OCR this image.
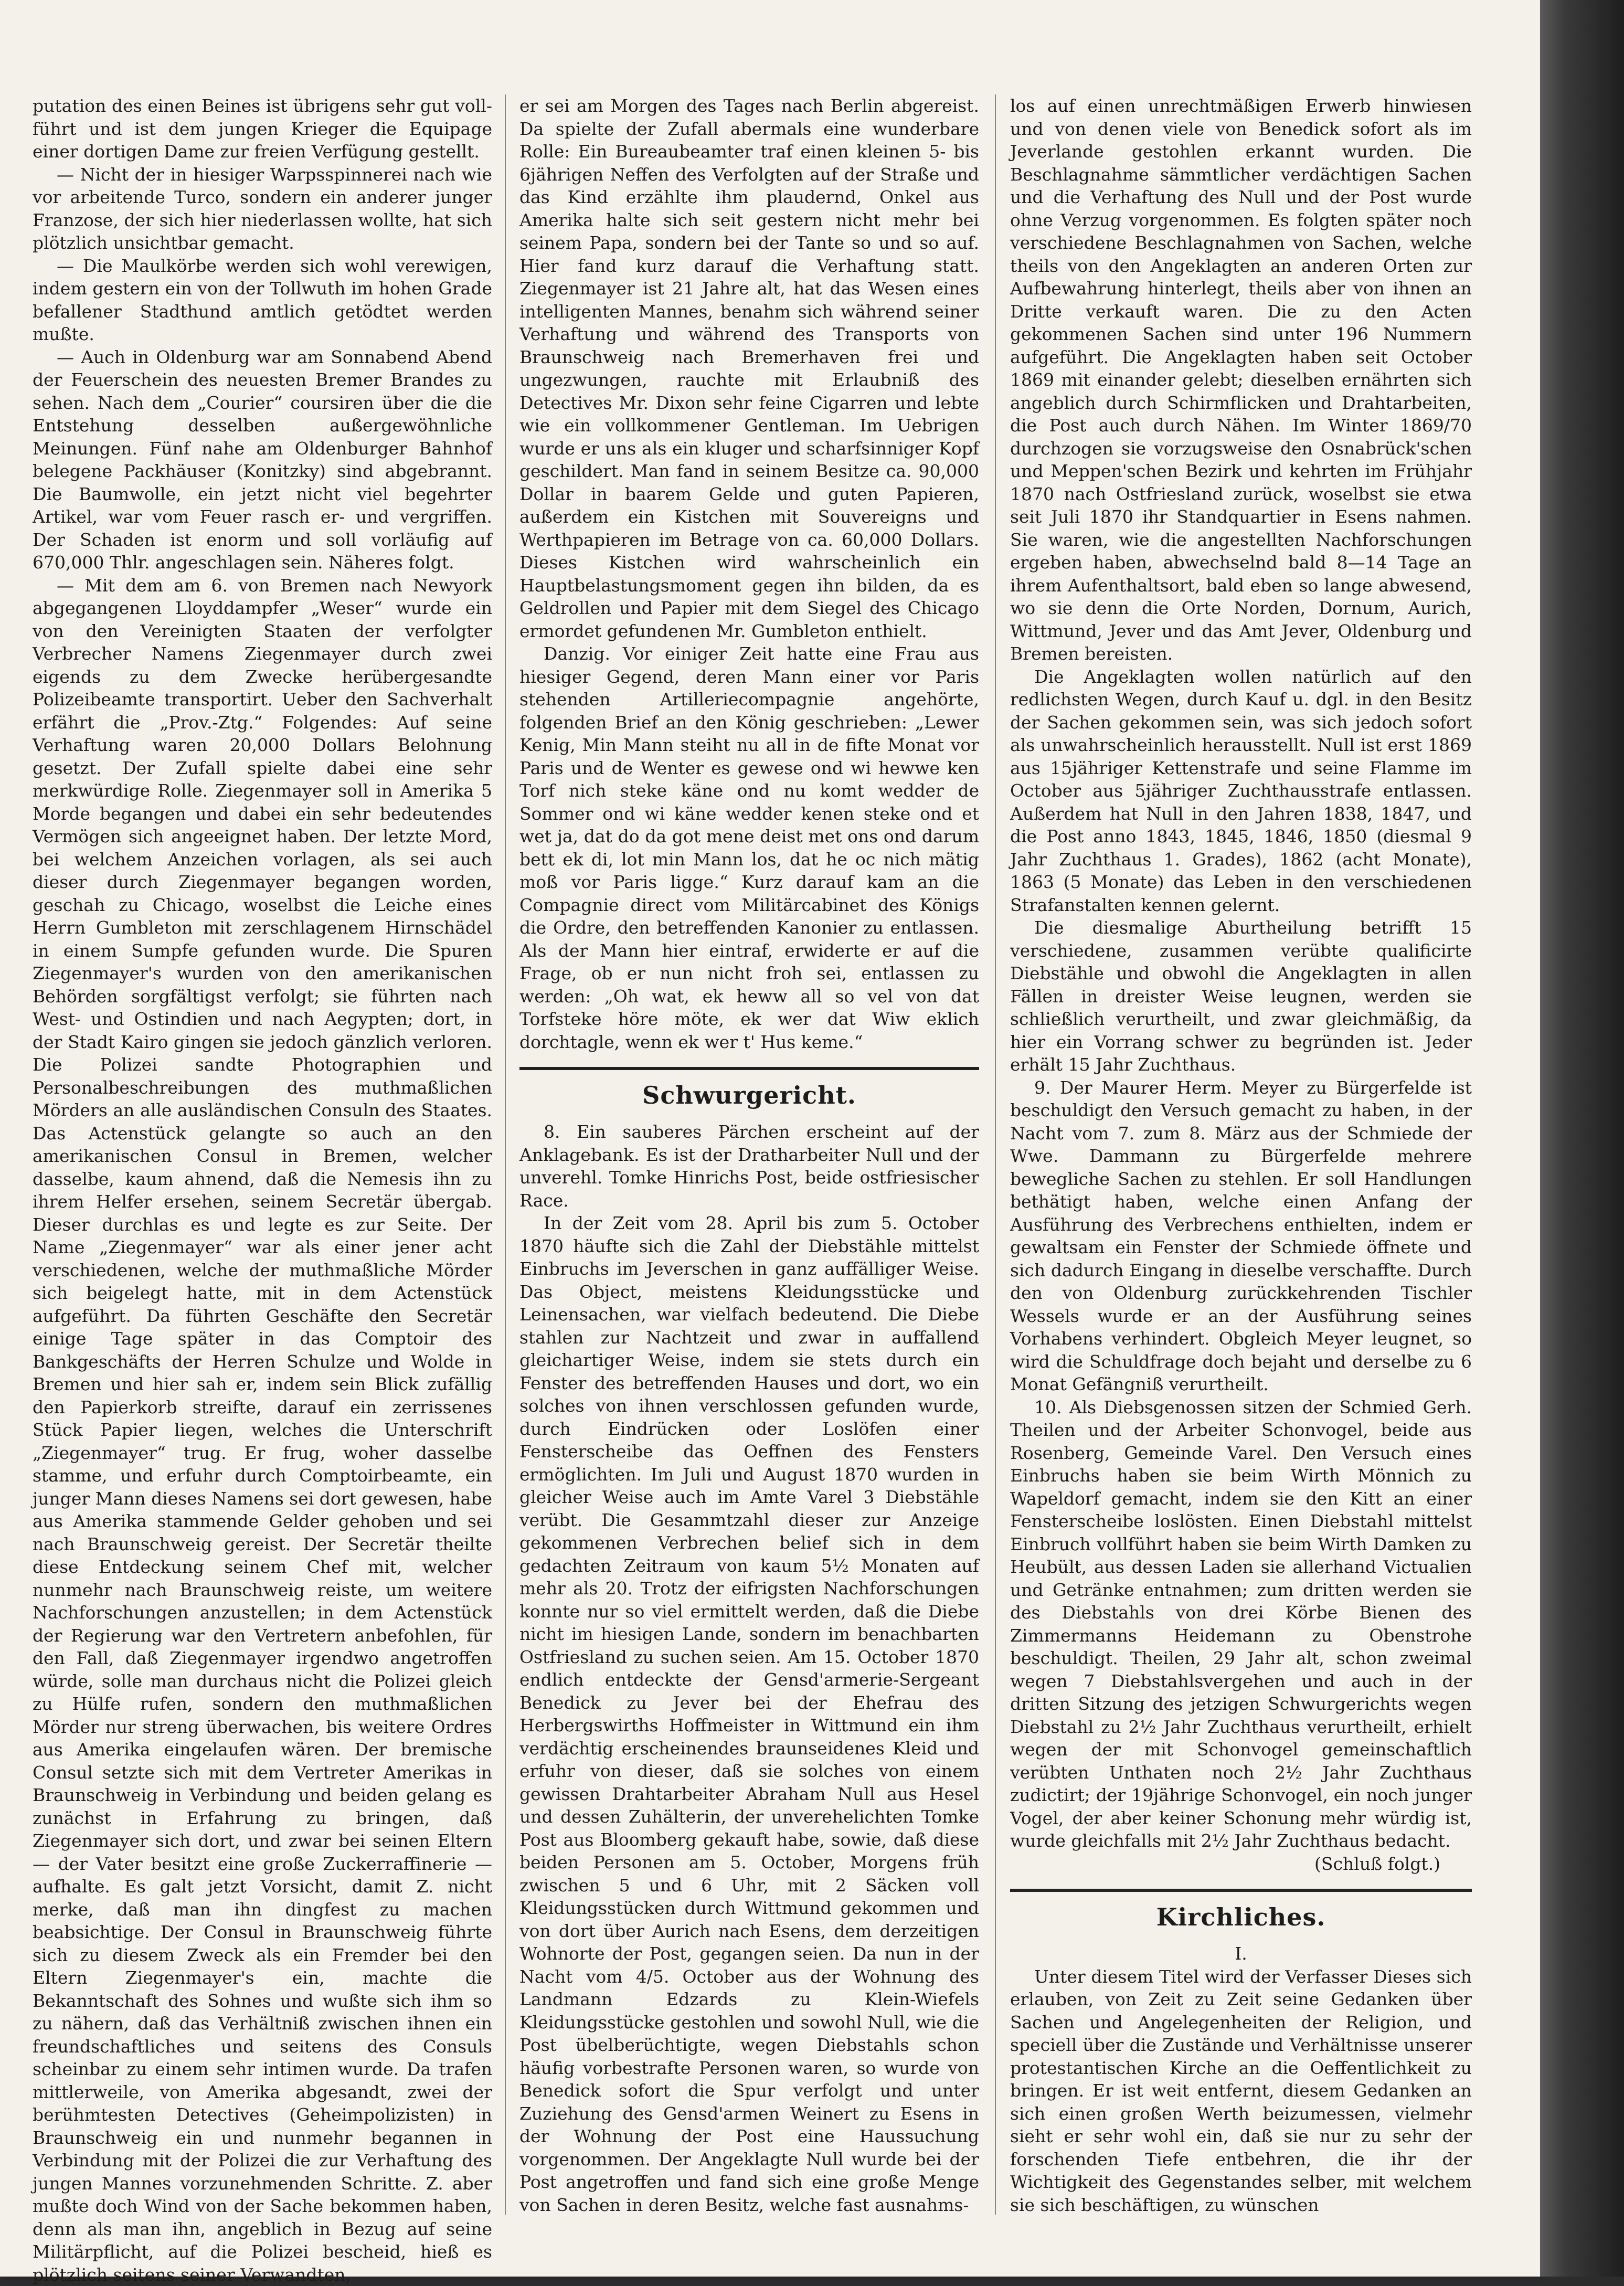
putation des einen Beines ist übrigens sehr gut voll-führt und ist dem jungen Krieger die Equipage einer dortigen Dame zur freien Verfügung gestellt.

— Nicht der in hiesiger Warpsspinnerei nach wie vor arbeitende Turco, sondern ein anderer junger Franzose, der sich hier niederlassen wollte, hat sich plötzlich unsichtbar gemacht.

— Die Maulkörbe werden sich wohl verewigen, indem gestern ein von der Tollwuth im hohen Grade befallener Stadthund amtlich getödtet werden mußte.

— Auch in Oldenburg war am Sonnabend Abend der Feuerschein des neuesten Bremer Brandes zu sehen. Nach dem „Courier“ coursiren über die die Entstehung desselben außergewöhnliche Meinungen. Fünf nahe am Oldenburger Bahnhof belegene Packhäuser (Konitzky) sind abgebrannt. Die Baumwolle, ein jetzt nicht viel begehrter Artikel, war vom Feuer rasch er- und vergriffen. Der Schaden ist enorm und soll vorläufig auf 670,000 Thlr. angeschlagen sein. Näheres folgt.

— Mit dem am 6. von Bremen nach Newyork abgegangenen Lloyddampfer „Weser“ wurde ein von den Vereinigten Staaten der verfolgter Verbrecher Namens Ziegenmayer durch zwei eigends zu dem Zwecke herübergesandte Polizeibeamte transportirt. Ueber den Sachverhalt erfährt die „Prov.-Ztg.“ Folgendes: Auf seine Verhaftung waren 20,000 Dollars Belohnung gesetzt. Der Zufall spielte dabei eine sehr merkwürdige Rolle. Ziegenmayer soll in Amerika 5 Morde begangen und dabei ein sehr bedeutendes Vermögen sich angeeignet haben. Der letzte Mord, bei welchem Anzeichen vorlagen, als sei auch dieser durch Ziegenmayer begangen worden, geschah zu Chicago, woselbst die Leiche eines Herrn Gumbleton mit zerschlagenem Hirnschädel in einem Sumpfe gefunden wurde. Die Spuren Ziegenmayer's wurden von den amerikanischen Behörden sorgfältigst verfolgt; sie führten nach West- und Ostindien und nach Aegypten; dort, in der Stadt Kairo gingen sie jedoch gänzlich verloren. Die Polizei sandte Photographien und Personalbeschreibungen des muthmaßlichen Mörders an alle ausländischen Consuln des Staates. Das Actenstück gelangte so auch an den amerikanischen Consul in Bremen, welcher dasselbe, kaum ahnend, daß die Nemesis ihn zu ihrem Helfer ersehen, seinem Secretär übergab. Dieser durchlas es und legte es zur Seite. Der Name „Ziegenmayer“ war als einer jener acht verschiedenen, welche der muthmaßliche Mörder sich beigelegt hatte, mit in dem Actenstück aufgeführt. Da führten Geschäfte den Secretär einige Tage später in das Comptoir des Bankgeschäfts der Herren Schulze und Wolde in Bremen und hier sah er, indem sein Blick zufällig den Papierkorb streifte, darauf ein zerrissenes Stück Papier liegen, welches die Unterschrift „Ziegenmayer“ trug. Er frug, woher dasselbe stamme, und erfuhr durch Comptoirbeamte, ein junger Mann dieses Namens sei dort gewesen, habe aus Amerika stammende Gelder gehoben und sei nach Braunschweig gereist. Der Secretär theilte diese Entdeckung seinem Chef mit, welcher nunmehr nach Braunschweig reiste, um weitere Nachforschungen anzustellen; in dem Actenstück der Regierung war den Vertretern anbefohlen, für den Fall, daß Ziegenmayer irgendwo angetroffen würde, solle man durchaus nicht die Polizei gleich zu Hülfe rufen, sondern den muthmaßlichen Mörder nur streng überwachen, bis weitere Ordres aus Amerika eingelaufen wären. Der bremische Consul setzte sich mit dem Vertreter Amerikas in Braunschweig in Verbindung und beiden gelang es zunächst in Erfahrung zu bringen, daß Ziegenmayer sich dort, und zwar bei seinen Eltern — der Vater besitzt eine große Zuckerraffinerie — aufhalte. Es galt jetzt Vorsicht, damit Z. nicht merke, daß man ihn dingfest zu machen beabsichtige. Der Consul in Braunschweig führte sich zu diesem Zweck als ein Fremder bei den Eltern Ziegenmayer's ein, machte die Bekanntschaft des Sohnes und wußte sich ihm so zu nähern, daß das Verhältniß zwischen ihnen ein freundschaftliches und seitens des Consuls scheinbar zu einem sehr intimen wurde. Da trafen mittlerweile, von Amerika abgesandt, zwei der berühmtesten Detectives (Geheimpolizisten) in Braunschweig ein und nunmehr begannen in Verbindung mit der Polizei die zur Verhaftung des jungen Mannes vorzunehmenden Schritte. Z. aber mußte doch Wind von der Sache bekommen haben, denn als man ihn, angeblich in Bezug auf seine Militärpflicht, auf die Polizei bescheid, hieß es plötzlich seitens seiner Verwandten,

er sei am Morgen des Tages nach Berlin abgereist. Da spielte der Zufall abermals eine wunderbare Rolle: Ein Bureaubeamter traf einen kleinen 5- bis 6jährigen Neffen des Verfolgten auf der Straße und das Kind erzählte ihm plaudernd, Onkel aus Amerika halte sich seit gestern nicht mehr bei seinem Papa, sondern bei der Tante so und so auf. Hier fand kurz darauf die Verhaftung statt. Ziegenmayer ist 21 Jahre alt, hat das Wesen eines intelligenten Mannes, benahm sich während seiner Verhaftung und während des Transports von Braunschweig nach Bremerhaven frei und ungezwungen, rauchte mit Erlaubniß des Detectives Mr. Dixon sehr feine Cigarren und lebte wie ein vollkommener Gentleman. Im Uebrigen wurde er uns als ein kluger und scharfsinniger Kopf geschildert. Man fand in seinem Besitze ca. 90,000 Dollar in baarem Gelde und guten Papieren, außerdem ein Kistchen mit Souvereigns und Werthpapieren im Betrage von ca. 60,000 Dollars. Dieses Kistchen wird wahrscheinlich ein Hauptbelastungsmoment gegen ihn bilden, da es Geldrollen und Papier mit dem Siegel des Chicago ermordet gefundenen Mr. Gumbleton enthielt.

Danzig. Vor einiger Zeit hatte eine Frau aus hiesiger Gegend, deren Mann einer vor Paris stehenden Artilleriecompagnie angehörte, folgenden Brief an den König geschrieben: „Lewer Kenig, Min Mann steiht nu all in de fifte Monat vor Paris und de Wenter es gewese ond wi hewwe ken Torf nich steke käne ond nu komt wedder de Sommer ond wi käne wedder kenen steke ond et wet ja, dat do da got mene deist met ons ond darum bett ek di, lot min Mann los, dat he oc nich mätig moß vor Paris ligge.“ Kurz darauf kam an die Compagnie direct vom Militärcabinet des Königs die Ordre, den betreffenden Kanonier zu entlassen. Als der Mann hier eintraf, erwiderte er auf die Frage, ob er nun nicht froh sei, entlassen zu werden: „Oh wat, ek heww all so vel von dat Torfsteke höre möte, ek wer dat Wiw eklich dorchtagle, wenn ek wer t' Hus keme.“

Schwurgericht.

8. Ein sauberes Pärchen erscheint auf der Anklagebank. Es ist der Dratharbeiter Null und der unverehl. Tomke Hinrichs Post, beide ostfriesischer Race.

In der Zeit vom 28. April bis zum 5. October 1870 häufte sich die Zahl der Diebstähle mittelst Einbruchs im Jeverschen in ganz auffälliger Weise. Das Object, meistens Kleidungsstücke und Leinensachen, war vielfach bedeutend. Die Diebe stahlen zur Nachtzeit und zwar in auffallend gleichartiger Weise, indem sie stets durch ein Fenster des betreffenden Hauses und dort, wo ein solches von ihnen verschlossen gefunden wurde, durch Eindrücken oder Loslöfen einer Fensterscheibe das Oeffnen des Fensters ermöglichten. Im Juli und August 1870 wurden in gleicher Weise auch im Amte Varel 3 Diebstähle verübt. Die Gesammtzahl dieser zur Anzeige gekommenen Verbrechen belief sich in dem gedachten Zeitraum von kaum 5½ Monaten auf mehr als 20. Trotz der eifrigsten Nachforschungen konnte nur so viel ermittelt werden, daß die Diebe nicht im hiesigen Lande, sondern im benachbarten Ostfriesland zu suchen seien. Am 15. October 1870 endlich entdeckte der Gensd'armerie-Sergeant Benedick zu Jever bei der Ehefrau des Herbergswirths Hoffmeister in Wittmund ein ihm verdächtig erscheinendes braunseidenes Kleid und erfuhr von dieser, daß sie solches von einem gewissen Drahtarbeiter Abraham Null aus Hesel und dessen Zuhälterin, der unverehelichten Tomke Post aus Bloomberg gekauft habe, sowie, daß diese beiden Personen am 5. October, Morgens früh zwischen 5 und 6 Uhr, mit 2 Säcken voll Kleidungsstücken durch Wittmund gekommen und von dort über Aurich nach Esens, dem derzeitigen Wohnorte der Post, gegangen seien. Da nun in der Nacht vom 4/5. October aus der Wohnung des Landmann Edzards zu Klein-Wiefels Kleidungsstücke gestohlen und sowohl Null, wie die Post übelberüchtigte, wegen Diebstahls schon häufig vorbestrafte Personen waren, so wurde von Benedick sofort die Spur verfolgt und unter Zuziehung des Gensd'armen Weinert zu Esens in der Wohnung der Post eine Haussuchung vorgenommen. Der Angeklagte Null wurde bei der Post angetroffen und fand sich eine große Menge von Sachen in deren Besitz, welche fast ausnahms-

los auf einen unrechtmäßigen Erwerb hinwiesen und von denen viele von Benedick sofort als im Jeverlande gestohlen erkannt wurden. Die Beschlagnahme sämmtlicher verdächtigen Sachen und die Verhaftung des Null und der Post wurde ohne Verzug vorgenommen. Es folgten später noch verschiedene Beschlagnahmen von Sachen, welche theils von den Angeklagten an anderen Orten zur Aufbewahrung hinterlegt, theils aber von ihnen an Dritte verkauft waren. Die zu den Acten gekommenen Sachen sind unter 196 Nummern aufgeführt. Die Angeklagten haben seit October 1869 mit einander gelebt; dieselben ernährten sich angeblich durch Schirmflicken und Drahtarbeiten, die Post auch durch Nähen. Im Winter 1869/70 durchzogen sie vorzugsweise den Osnabrück'schen und Meppen'schen Bezirk und kehrten im Frühjahr 1870 nach Ostfriesland zurück, woselbst sie etwa seit Juli 1870 ihr Standquartier in Esens nahmen. Sie waren, wie die angestellten Nachforschungen ergeben haben, abwechselnd bald 8—14 Tage an ihrem Aufenthaltsort, bald eben so lange abwesend, wo sie denn die Orte Norden, Dornum, Aurich, Wittmund, Jever und das Amt Jever, Oldenburg und Bremen bereisten.

Die Angeklagten wollen natürlich auf den redlichsten Wegen, durch Kauf u. dgl. in den Besitz der Sachen gekommen sein, was sich jedoch sofort als unwahrscheinlich herausstellt. Null ist erst 1869 aus 15jähriger Kettenstrafe und seine Flamme im October aus 5jähriger Zuchthausstrafe entlassen. Außerdem hat Null in den Jahren 1838, 1847, und die Post anno 1843, 1845, 1846, 1850 (diesmal 9 Jahr Zuchthaus 1. Grades), 1862 (acht Monate), 1863 (5 Monate) das Leben in den verschiedenen Strafanstalten kennen gelernt.

Die diesmalige Aburtheilung betrifft 15 verschiedene, zusammen verübte qualificirte Diebstähle und obwohl die Angeklagten in allen Fällen in dreister Weise leugnen, werden sie schließlich verurtheilt, und zwar gleichmäßig, da hier ein Vorrang schwer zu begründen ist. Jeder erhält 15 Jahr Zuchthaus.

9. Der Maurer Herm. Meyer zu Bürgerfelde ist beschuldigt den Versuch gemacht zu haben, in der Nacht vom 7. zum 8. März aus der Schmiede der Wwe. Dammann zu Bürgerfelde mehrere bewegliche Sachen zu stehlen. Er soll Handlungen bethätigt haben, welche einen Anfang der Ausführung des Verbrechens enthielten, indem er gewaltsam ein Fenster der Schmiede öffnete und sich dadurch Eingang in dieselbe verschaffte. Durch den von Oldenburg zurückkehrenden Tischler Wessels wurde er an der Ausführung seines Vorhabens verhindert. Obgleich Meyer leugnet, so wird die Schuldfrage doch bejaht und derselbe zu 6 Monat Gefängniß verurtheilt.

10. Als Diebsgenossen sitzen der Schmied Gerh. Theilen und der Arbeiter Schonvogel, beide aus Rosenberg, Gemeinde Varel. Den Versuch eines Einbruchs haben sie beim Wirth Mönnich zu Wapeldorf gemacht, indem sie den Kitt an einer Fensterscheibe loslösten. Einen Diebstahl mittelst Einbruch vollführt haben sie beim Wirth Damken zu Heubült, aus dessen Laden sie allerhand Victualien und Getränke entnahmen; zum dritten werden sie des Diebstahls von drei Körbe Bienen des Zimmermanns Heidemann zu Obenstrohe beschuldigt. Theilen, 29 Jahr alt, schon zweimal wegen 7 Diebstahlsvergehen und auch in der dritten Sitzung des jetzigen Schwurgerichts wegen Diebstahl zu 2½ Jahr Zuchthaus verurtheilt, erhielt wegen der mit Schonvogel gemeinschaftlich verübten Unthaten noch 2½ Jahr Zuchthaus zudictirt; der 19jährige Schonvogel, ein noch junger Vogel, der aber keiner Schonung mehr würdig ist, wurde gleichfalls mit 2½ Jahr Zuchthaus bedacht.

(Schluß folgt.)

Kirchliches.

I.

Unter diesem Titel wird der Verfasser Dieses sich erlauben, von Zeit zu Zeit seine Gedanken über Sachen und Angelegenheiten der Religion, und speciell über die Zustände und Verhältnisse unserer protestantischen Kirche an die Oeffentlichkeit zu bringen. Er ist weit entfernt, diesem Gedanken an sich einen großen Werth beizumessen, vielmehr sieht er sehr wohl ein, daß sie nur zu sehr der forschenden Tiefe entbehren, die ihr der Wichtigkeit des Gegenstandes selber, mit welchem sie sich beschäftigen, zu wünschen
